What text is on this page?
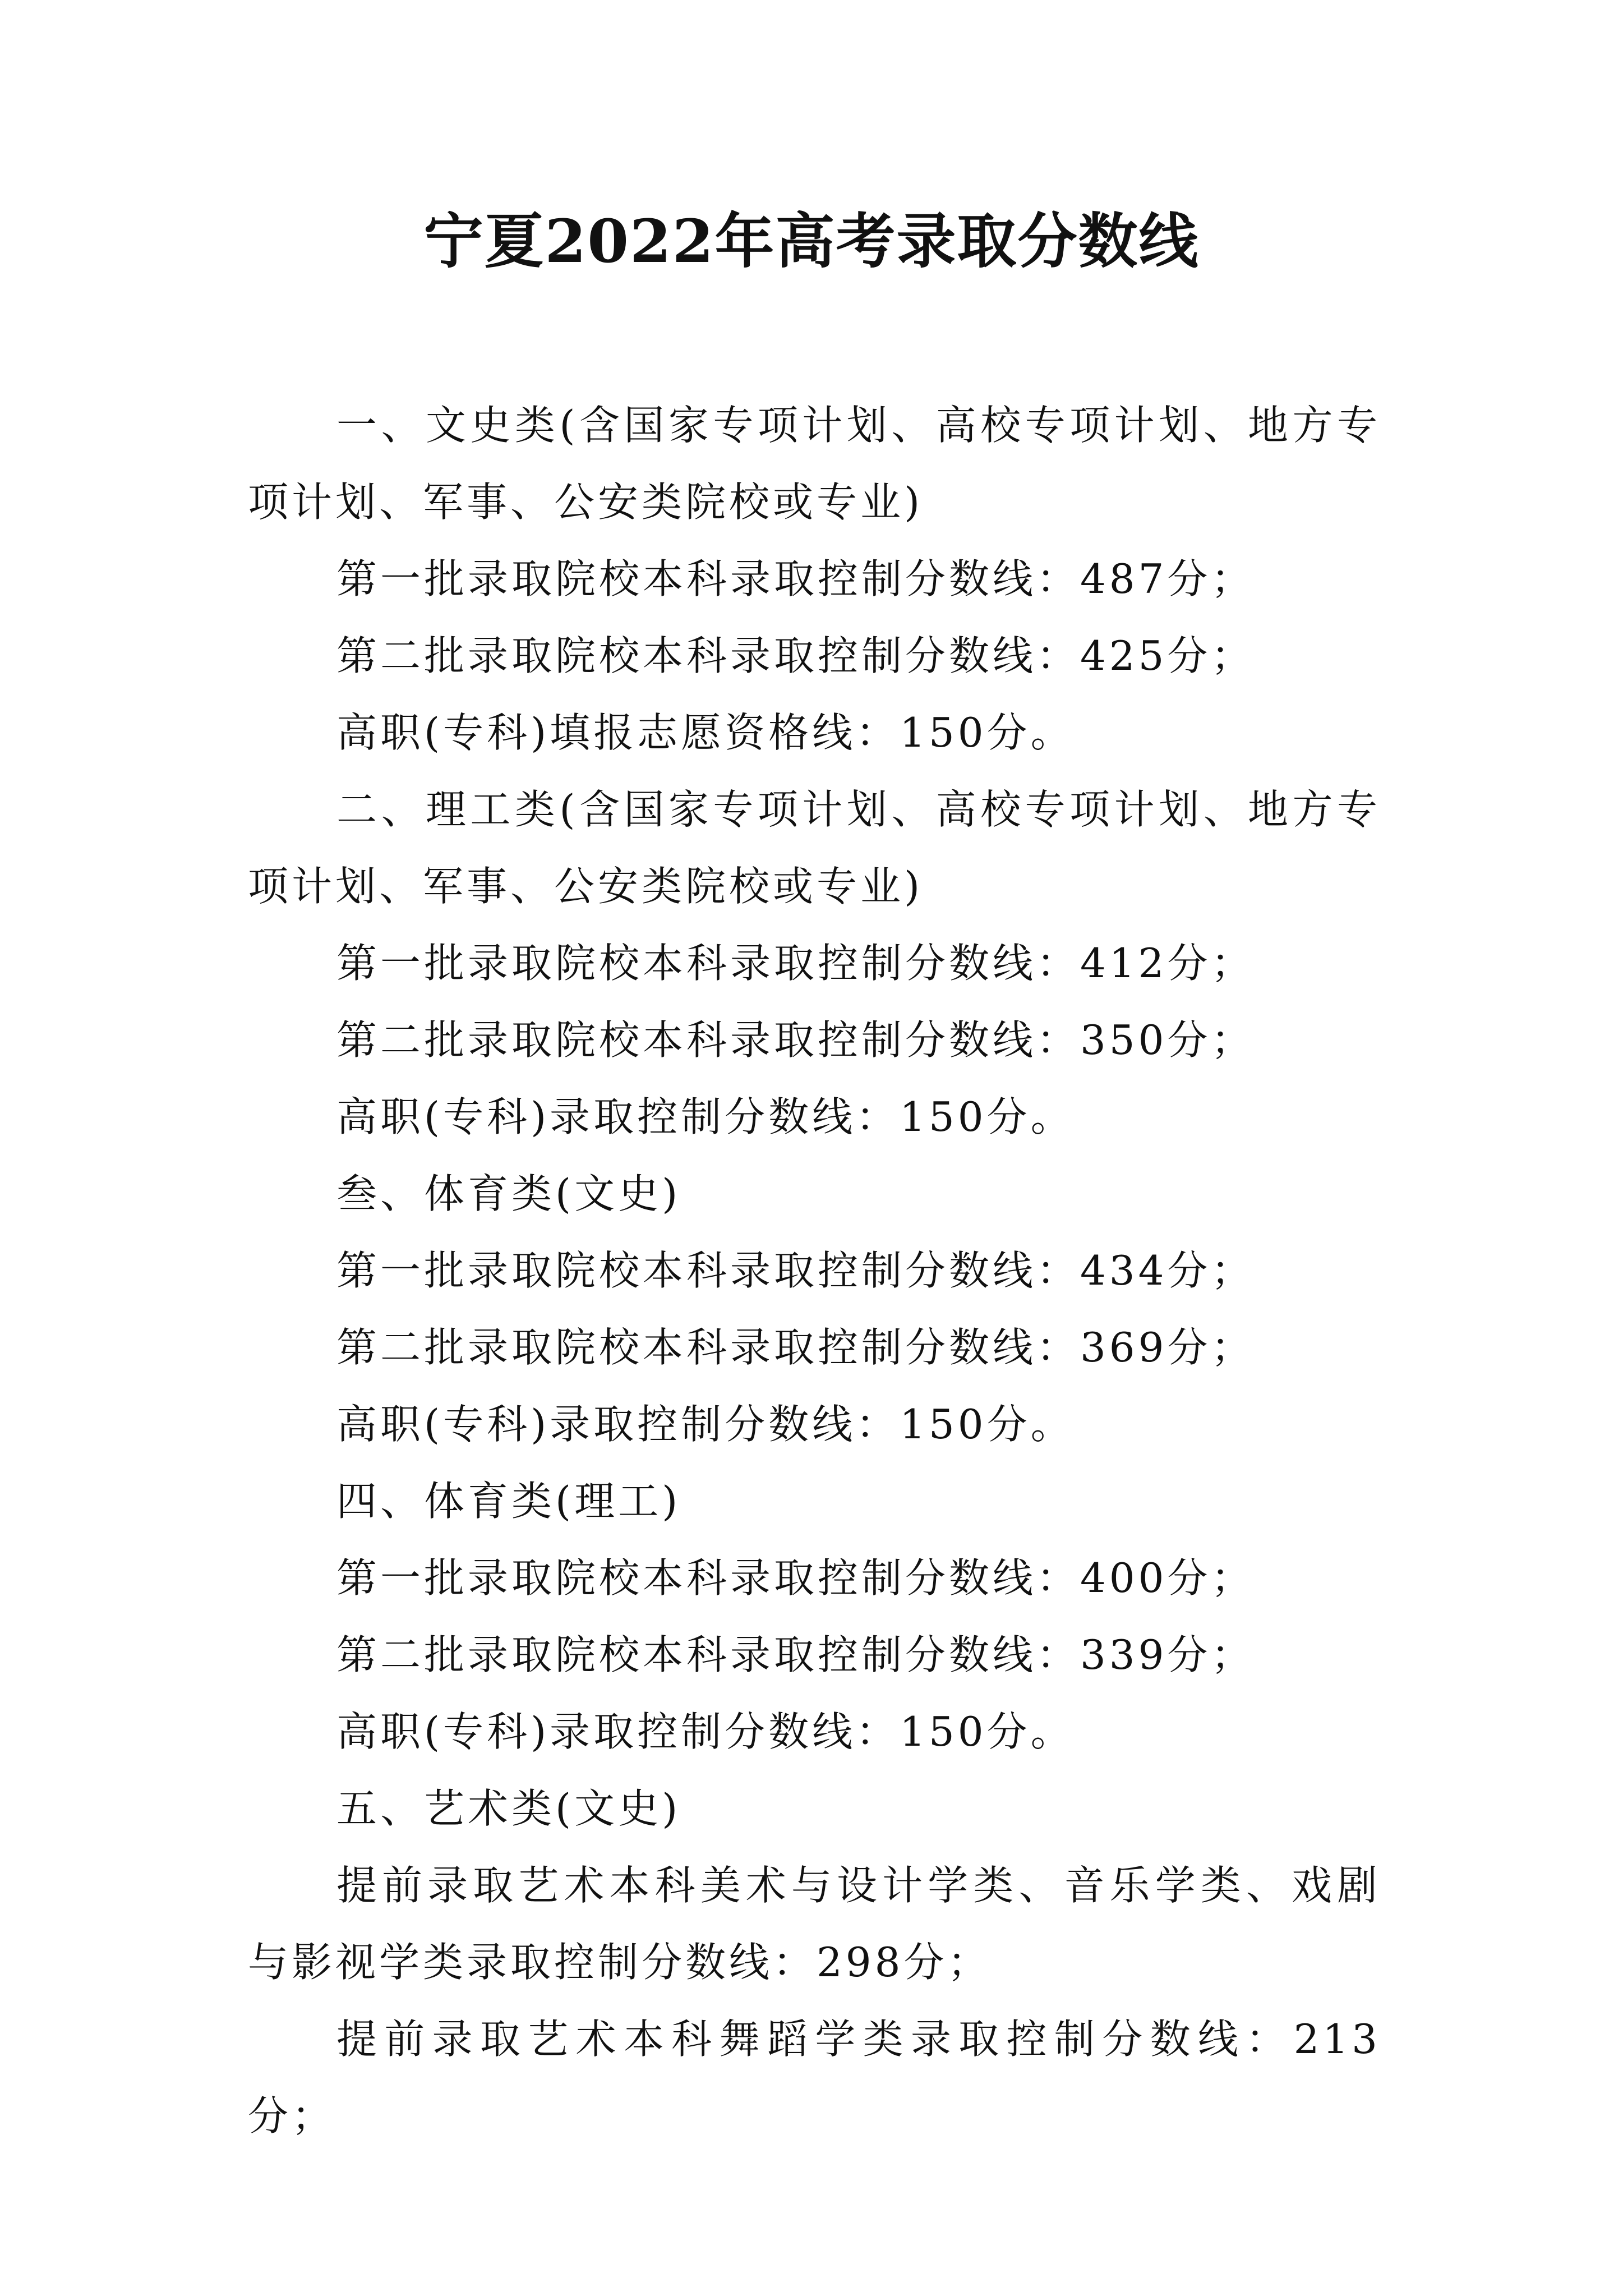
宁夏2022年高考录取分数线

一、文史类(含国家专项计划、高校专项计划、地方专项计划、军事、公安类院校或专业)

第一批录取院校本科录取控制分数线：487分；

第二批录取院校本科录取控制分数线：425分；

高职(专科)填报志愿资格线：150分。

二、理工类(含国家专项计划、高校专项计划、地方专项计划、军事、公安类院校或专业)

第一批录取院校本科录取控制分数线：412分；

第二批录取院校本科录取控制分数线：350分；

高职(专科)录取控制分数线：150分。

叁、体育类(文史)

第一批录取院校本科录取控制分数线：434分；

第二批录取院校本科录取控制分数线：369分；

高职(专科)录取控制分数线：150分。

四、体育类(理工)

第一批录取院校本科录取控制分数线：400分；

第二批录取院校本科录取控制分数线：339分；

高职(专科)录取控制分数线：150分。

五、艺术类(文史)

提前录取艺术本科美术与设计学类、音乐学类、戏剧与影视学类录取控制分数线：298分；

提前录取艺术本科舞蹈学类录取控制分数线：213分；
